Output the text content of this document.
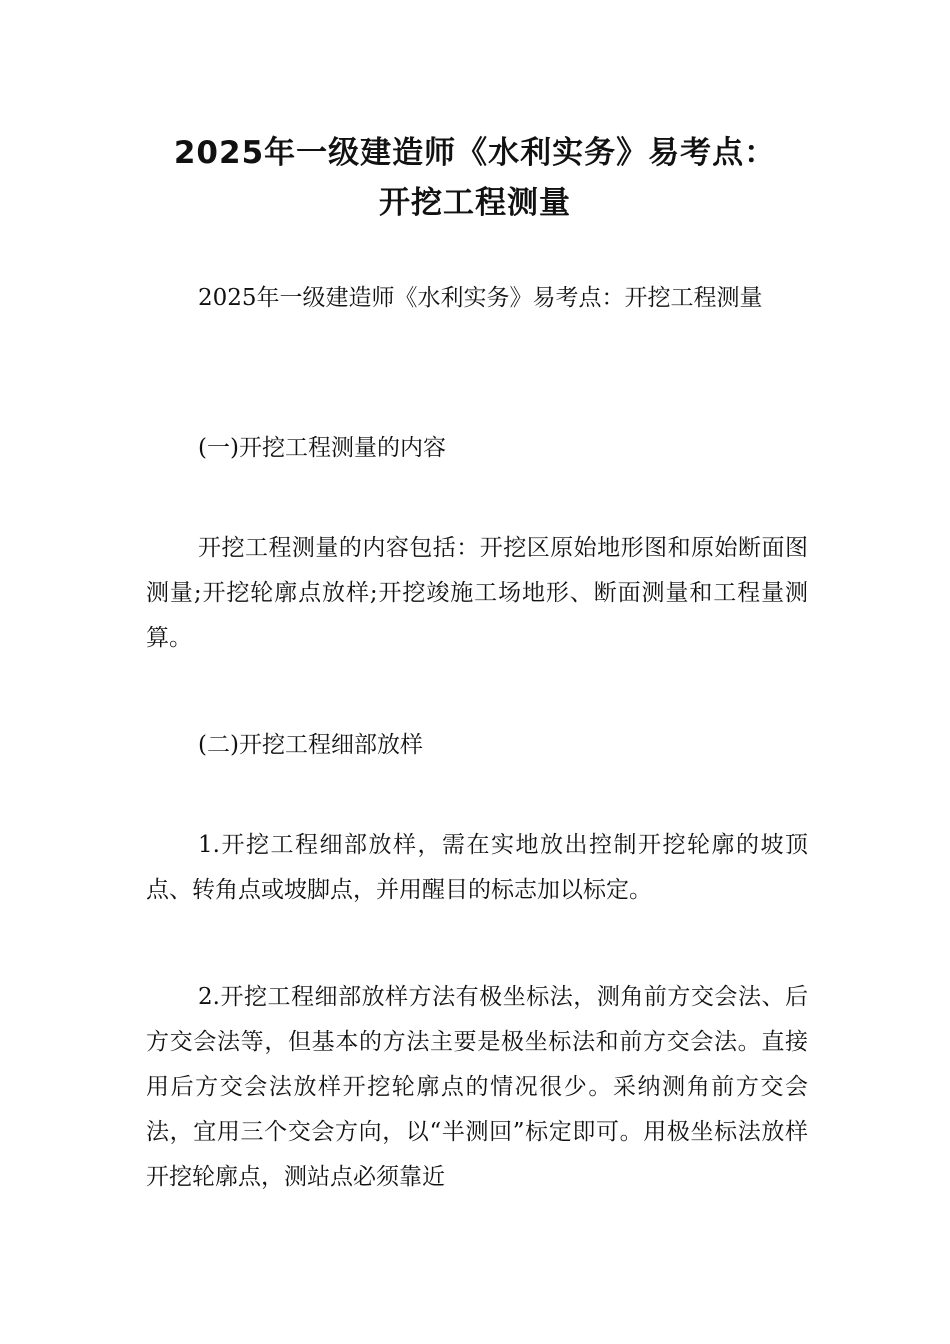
2025年一级建造师《水利实务》易考点：
开挖工程测量

2025年一级建造师《水利实务》易考点：开挖工程测量

(一)开挖工程测量的内容

开挖工程测量的内容包括：开挖区原始地形图和原始断面图测量;开挖轮廓点放样;开挖竣施工场地形、断面测量和工程量测算。

(二)开挖工程细部放样

1.开挖工程细部放样，需在实地放出控制开挖轮廓的坡顶点、转角点或坡脚点，并用醒目的标志加以标定。

2.开挖工程细部放样方法有极坐标法，测角前方交会法、后方交会法等，但基本的方法主要是极坐标法和前方交会法。直接用后方交会法放样开挖轮廓点的情况很少。采纳测角前方交会法，宜用三个交会方向，以“半测回”标定即可。用极坐标法放样开挖轮廓点，测站点必须靠近
